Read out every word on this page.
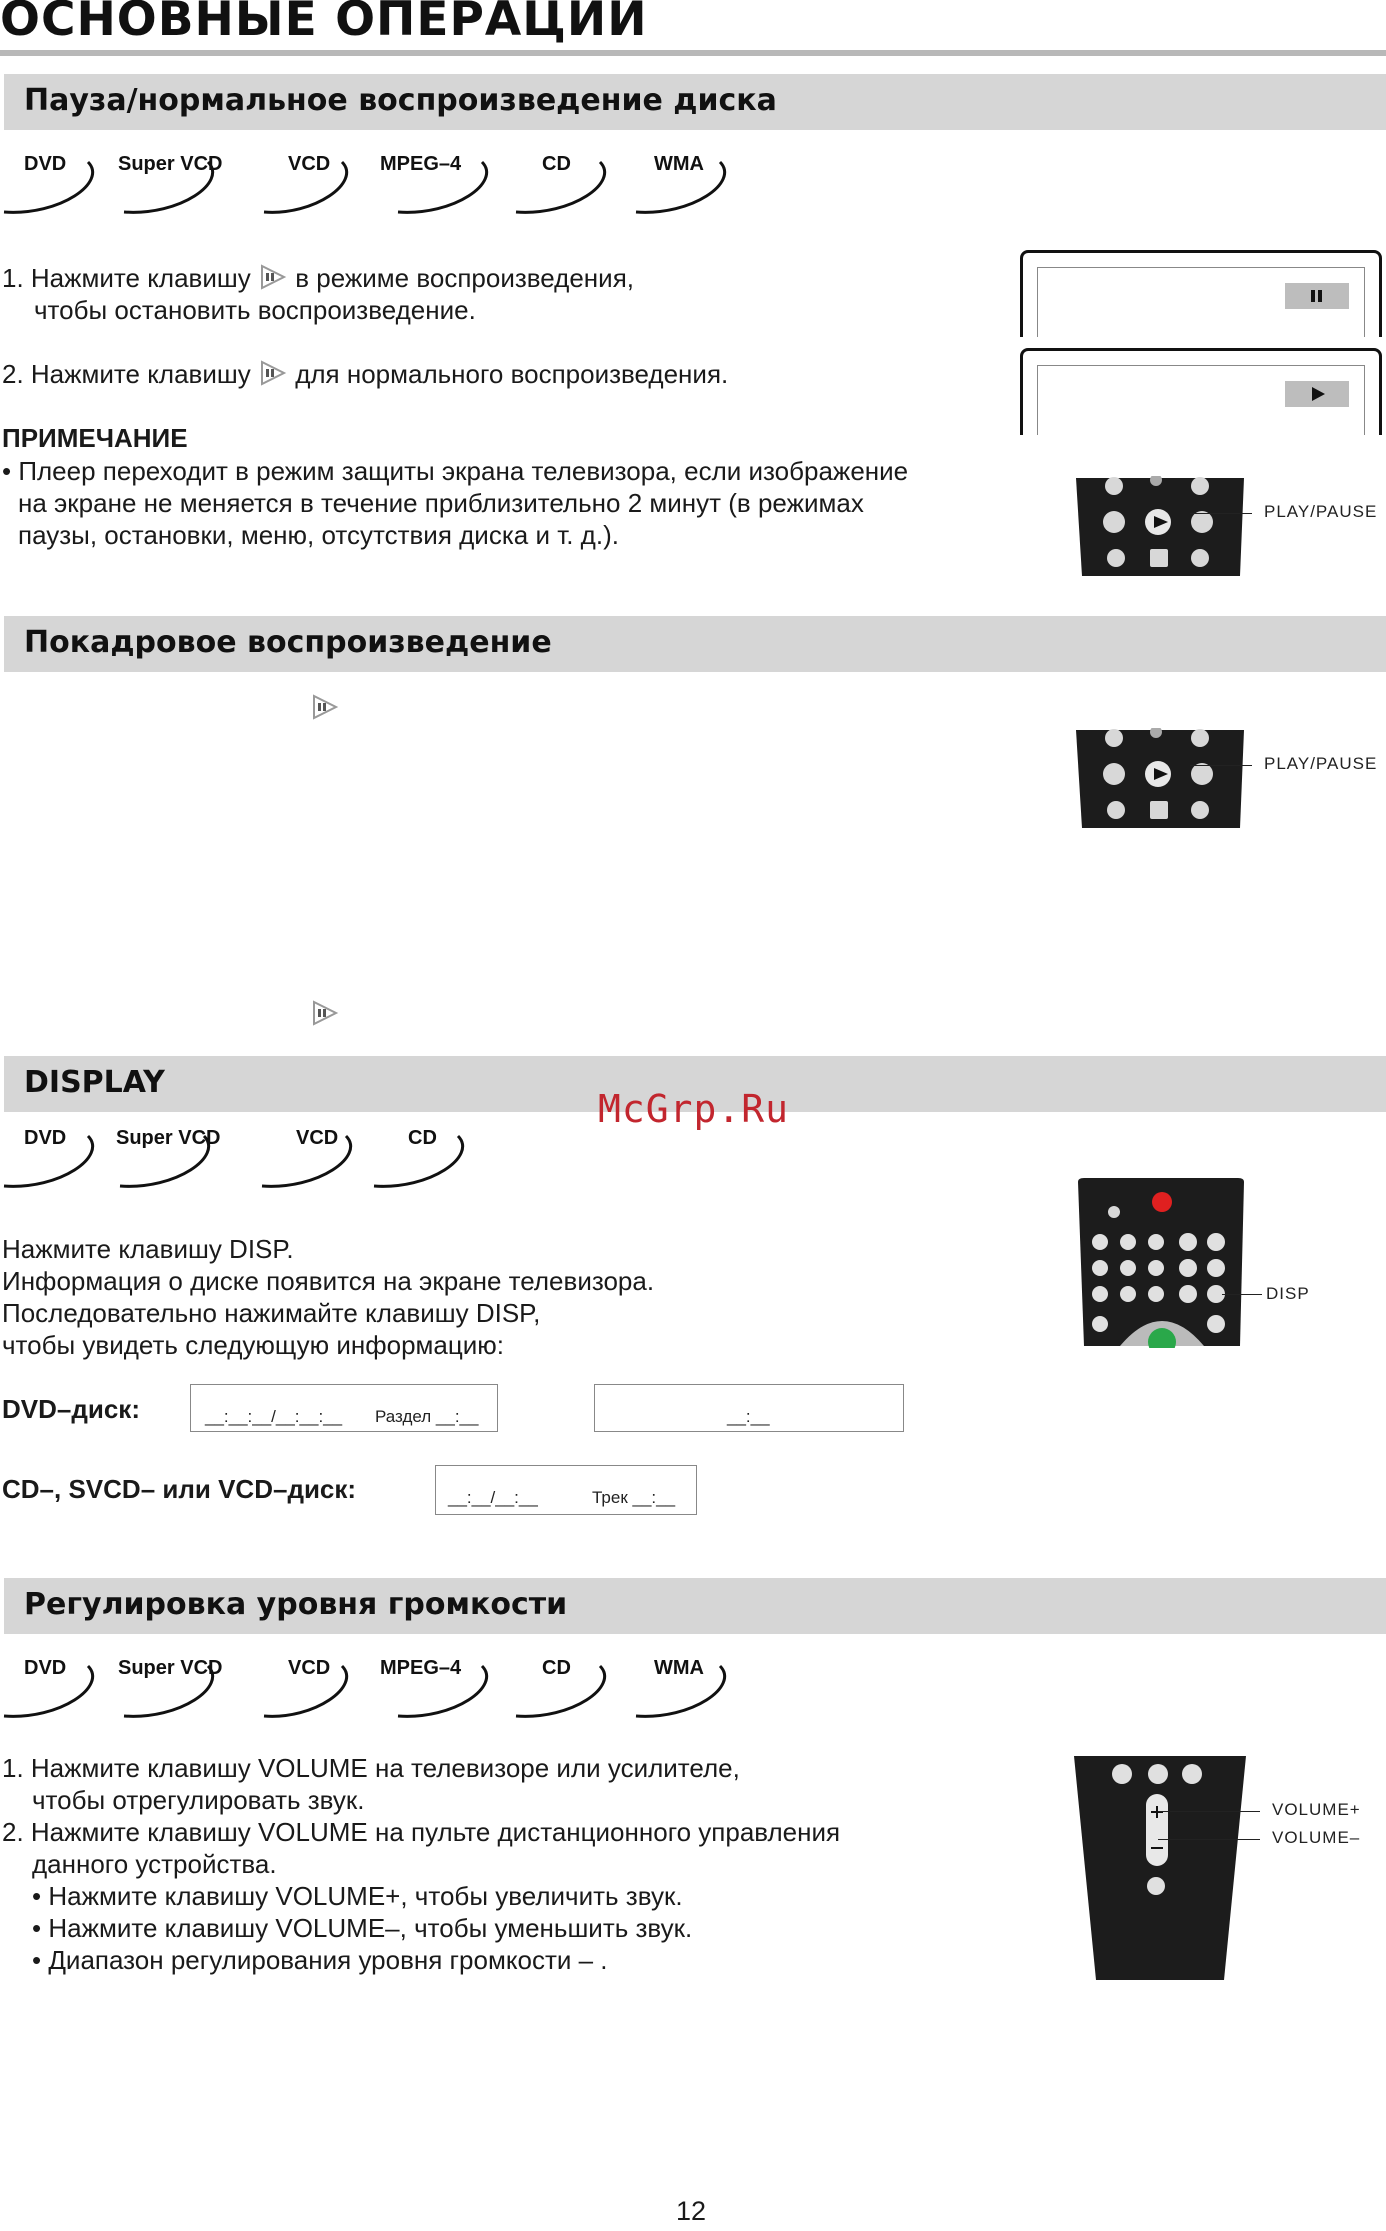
ОСНОВНЫЕ ОПЕРАЦИИ
Пауза/нормальное воспроизведение диска
DVD	Super VCD	VCD MPEG–4	CD	WMA
1. Нажмите клавишу в режиме воспроизведения,
чтобы остановить воспроизведение.
2. Нажмите клавишу для нормального воспроизведения.
ПРИМЕЧАНИЕ
• Плеер переходит в режим защиты экрана телевизора, если изображение
на экране не меняется в течение приблизительно 2 минут (в режимах
паузы, остановки, меню, отсутствия диска и т. д.).
PLAY/PAUSE
Покадровое воспроизведение
PLAY/PAUSE
DISPLAY
McGrp.Ru
DVD Super VCD	VCD	CD
Нажмите клавишу DISP.
Информация о диске появится на экране телевизора.
Последовательно нажимайте клавишу DISP,
чтобы увидеть следующую информацию:
DVD–диск:	__:__:__/__:__:__ Раздел __:__	__:__
CD–, SVCD– или VCD–диск:	__:__/__:__	Трек __:__
DISP
Регулировка уровня громкости
DVD	Super VCD	VCD MPEG–4	CD	WMA
1. Нажмите клавишу VOLUME на телевизоре или усилителе,
чтобы отрегулировать звук.
2. Нажмите клавишу VOLUME на пульте дистанционного управления
данного устройства.
• Нажмите клавишу VOLUME+, чтобы увеличить звук.
• Нажмите клавишу VOLUME–, чтобы уменьшить звук.
• Диапазон регулирования уровня громкости – .
VOLUME+
VOLUME–
12
